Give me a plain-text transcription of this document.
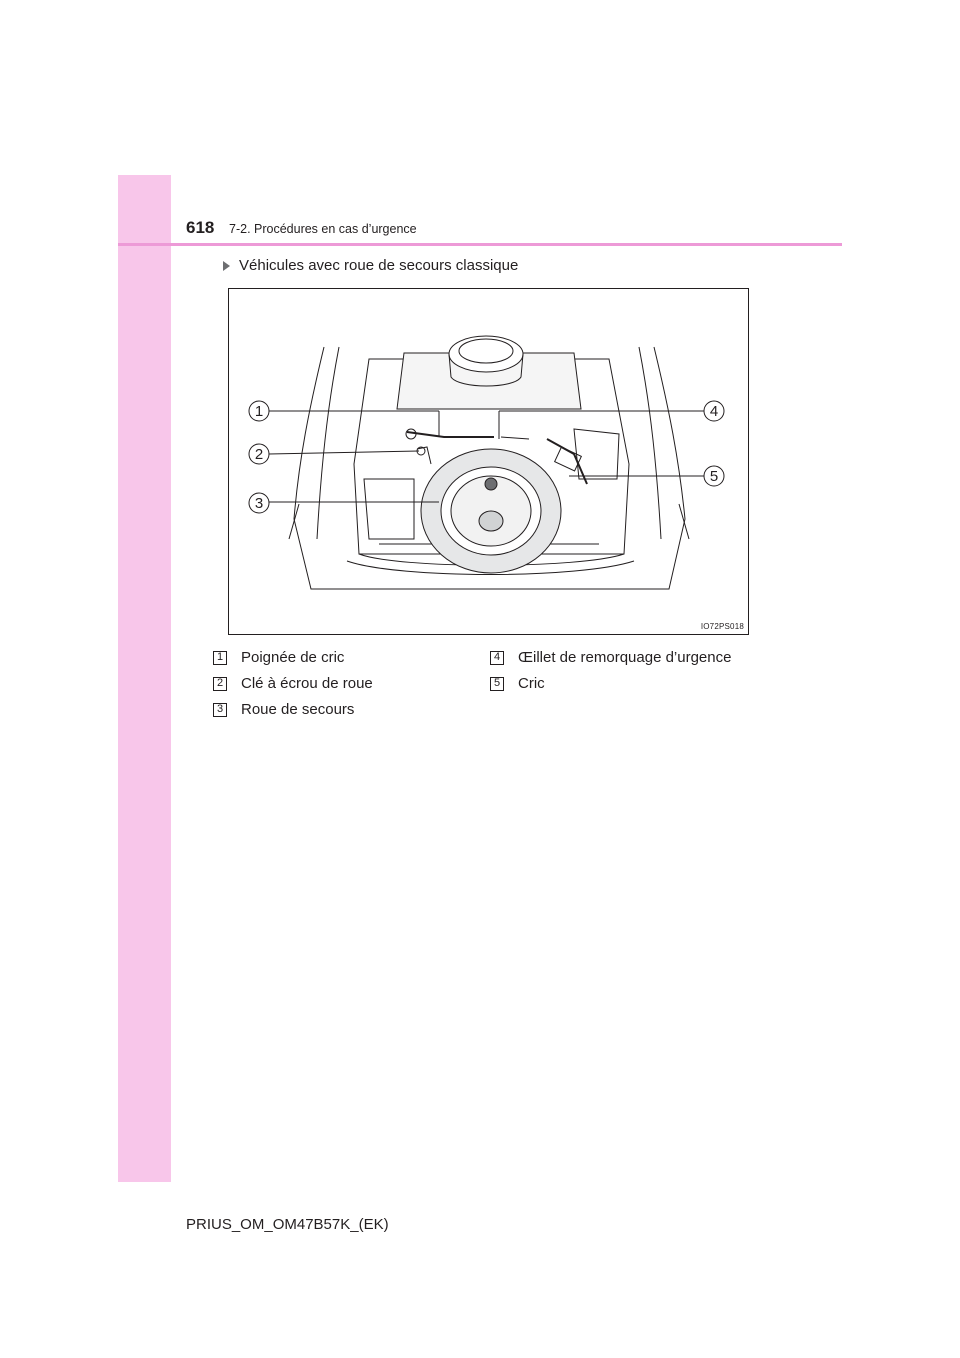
618 7-2. Procédures en cas d’urgence
Véhicules avec roue de secours classique
1
2
3
4
5
IO72PS018
1 Poignée de cric
2 Clé à écrou de roue
3 Roue de secours
4 Œillet de remorquage d’urgence
5 Cric
PRIUS_OM_OM47B57K_(EK)
